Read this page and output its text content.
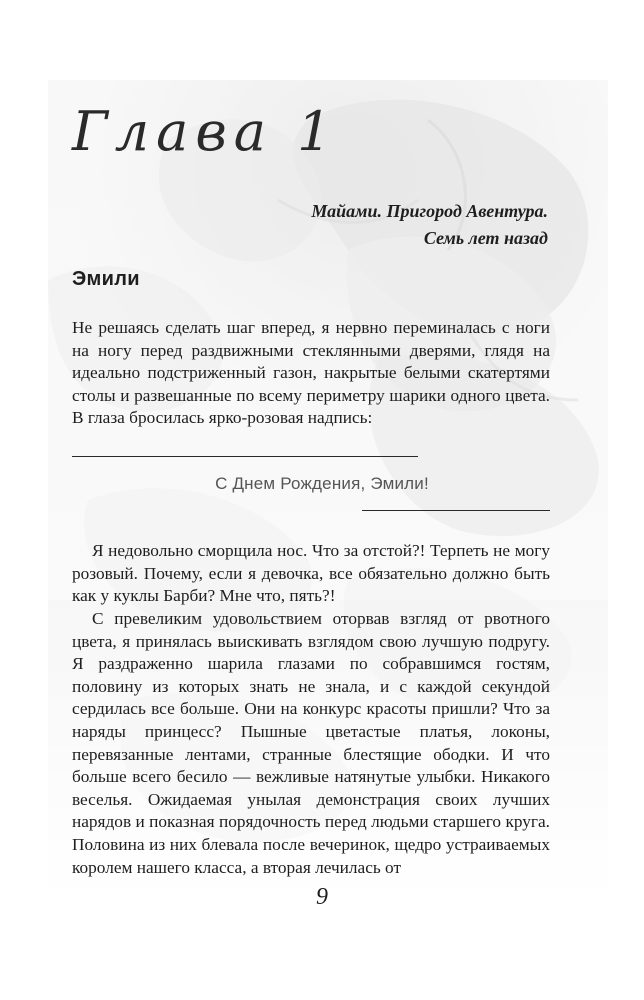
Глава 1
Майами. Пригород Авентура.
Семь лет назад
Эмили

Не решаясь сделать шаг вперед, я нервно переминалась с ноги на ногу перед раздвижными стеклянными дверями, глядя на идеально подстриженный газон, накрытые белыми скатертями столы и развешанные по всему периметру шарики одного цвета. В глаза бросилась ярко-розовая надпись:

С Днем Рождения, Эмили!

Я недовольно сморщила нос. Что за отстой?! Терпеть не могу розовый. Почему, если я девочка, все обязательно должно быть как у куклы Барби? Мне что, пять?!

С превеликим удовольствием оторвав взгляд от рвотного цвета, я принялась выискивать взглядом свою лучшую подругу. Я раздраженно шарила глазами по собравшимся гостям, половину из которых знать не знала, и с каждой секундой сердилась все больше. Они на конкурс красоты пришли? Что за наряды принцесс? Пышные цветастые платья, локоны, перевязанные лентами, странные блестящие ободки. И что больше всего бесило — вежливые натянутые улыбки. Никакого веселья. Ожидаемая унылая демонстрация своих лучших нарядов и показная порядочность перед людьми старшего круга. Половина из них блевала после вечеринок, щедро устраиваемых королем нашего класса, а вторая лечилась от

9
